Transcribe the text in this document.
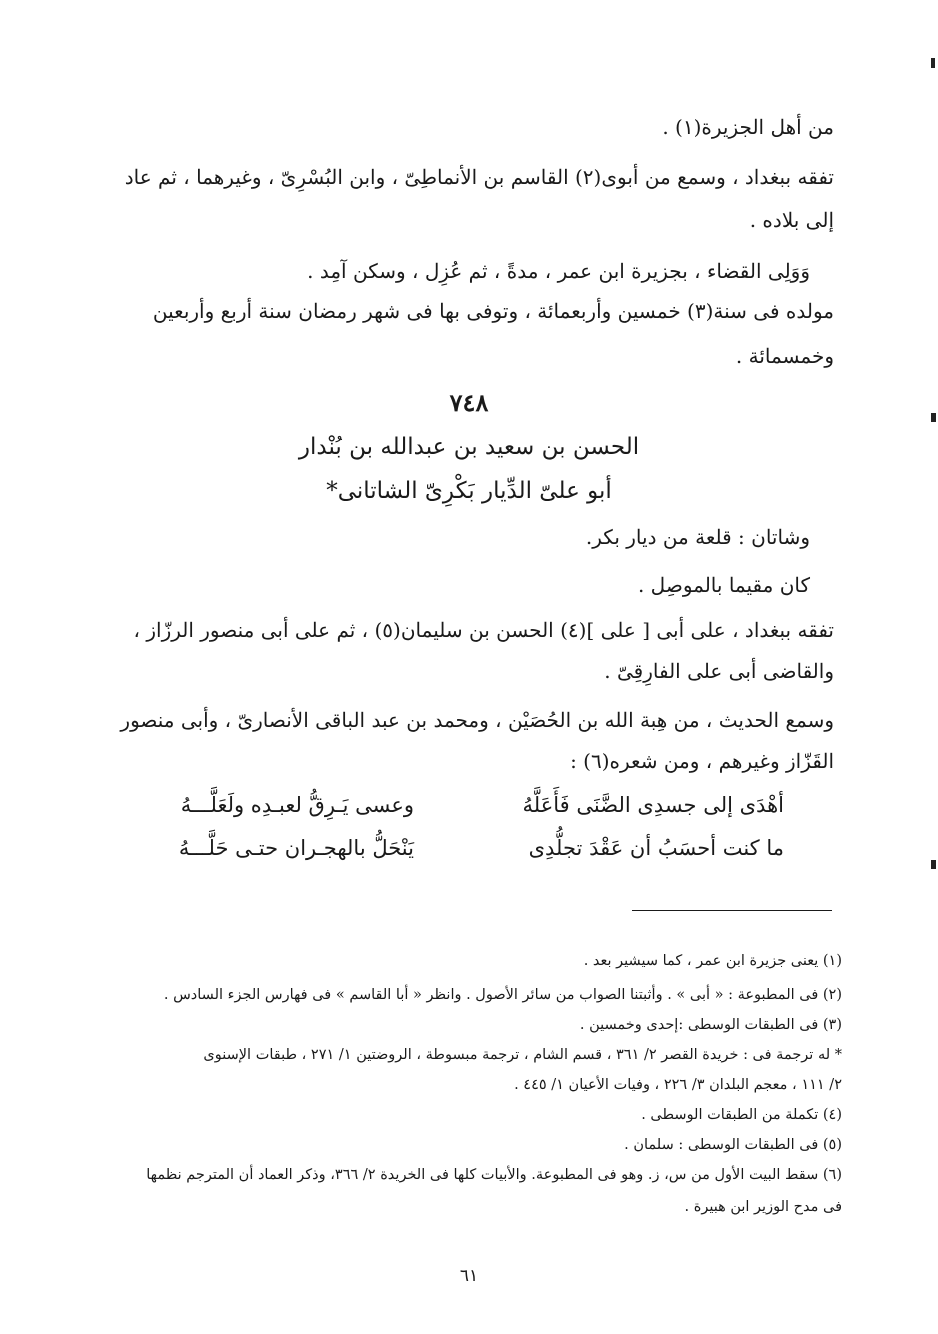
من أهل الجزيرة(١) .
تفقه ببغداد ، وسمع من أبوى(٢) القاسم بن الأنماطِىّ ، وابن البُسْرِىّ ، وغيرهما ، ثم عاد
إلى بلاده .
وَوَلِى القضاء ، بجزيرة ابن عمر ، مدةً ، ثم عُزِل ، وسكن آمِد .
مولده فى سنة(٣) خمسين وأربعمائة ، وتوفى بها فى شهر رمضان سنة أربع وأربعين
وخمسمائة .
٧٤٨
الحسن بن سعيد بن عبدالله بن بُنْدار
أبو علىّ الدِّيار بَكْرِىّ الشاتانى*
وشاتان : قلعة من ديار بكر.
كان مقيما بالموصِل .
تفقه ببغداد ، على أبى [ على ](٤) الحسن بن سليمان(٥) ، ثم على أبى منصور الرزّاز ،
والقاضى أبى على الفارِقِىّ .
وسمع الحديث ، من هِبة الله بن الحُصَيْن ، ومحمد بن عبد الباقى الأنصارىّ ، وأبى منصور
القَزّاز وغيرهم ، ومن شعره(٦) :
أهْدَى إلى جسدِى الضَّنَى فَأَعَلَّهُ
وعسى يَـرِقُّ لعبـدِه ولَعَلَّـــهُ
ما كنت أحسَبُ أن عَقْدَ تجلُّدِى
يَنْحَلُّ بالهجـران حتـى حَلَّـــهُ
(١) يعنى جزيرة ابن عمر ، كما سيشير بعد .
(٢) فى المطبوعة : « أبى » . وأثبتنا الصواب من سائر الأصول . وانظر « أبا القاسم » فى فهارس الجزء السادس .
(٣) فى الطبقات الوسطى :إحدى وخمسين .
* له ترجمة فى : خريدة القصر ٢/ ٣٦١ ، قسم الشام ، ترجمة مبسوطة ، الروضتين ١/ ٢٧١ ، طبقات الإسنوى
٢/ ١١١ ، معجم البلدان ٣/ ٢٢٦ ، وفيات الأعيان ١/ ٤٤٥ .
(٤) تكملة من الطبقات الوسطى .
(٥) فى الطبقات الوسطى : سلمان .
(٦) سقط البيت الأول من س، ز. وهو فى المطبوعة. والأبيات كلها فى الخريدة ٢/ ٣٦٦، وذكر العماد أن المترجم نظمها
فى مدح الوزير ابن هبيرة .
٦١
